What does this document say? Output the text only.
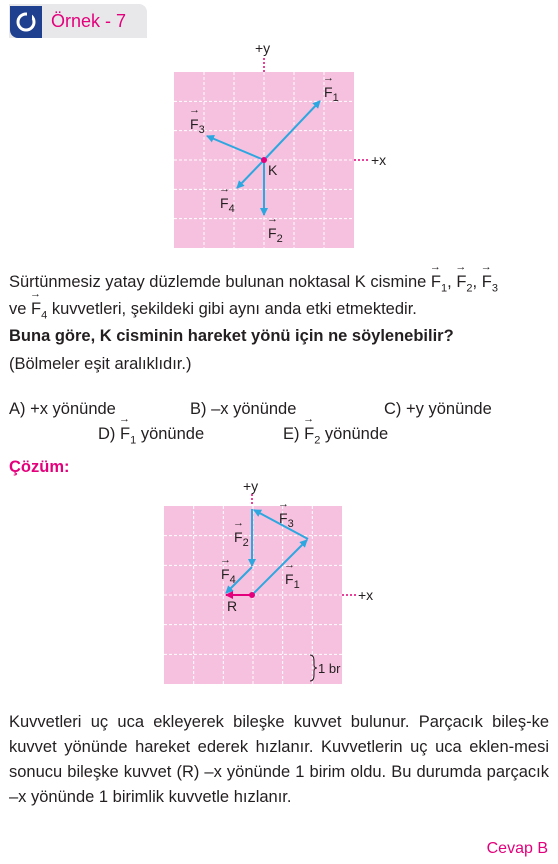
Örnek - 7
+y
+x
K
→ $F_1$
→ $F_2$
→ $F_3$
→ $F_4$
Sürtünmesiz yatay düzlemde bulunan noktasal K $cismine \to F_1$, → $F_2$, → $F_3$
ve → $F_4$ kuvvetleri, şekildeki gibi aynı anda etki etmektedir.
Buna göre, K cisminin hareket yönü için ne söylenebilir?
(Bölmeler eşit aralıklıdır.)
A) +x yönünde	B) –x yönünde	C) +y yönünde
$D) \to F_1$ yönünde	$E) \to F_2$ yönünde
Çözüm:
+y
+x
R
1 br
→ $F_3$
→ $F_2$
→ $F_4$	→ $F_1$
Kuvvetleri uç uca ekleyerek bileşke kuvvet bulunur. Parçacık bileş-ke kuvvet yönünde hareket ederek hızlanır. Kuvvetlerin uç uca eklen-mesi sonucu bileşke kuvvet (R) –x yönünde 1 birim oldu. Bu durumda parçacık –x yönünde 1 birimlik kuvvetle hızlanır.
Cevap B
